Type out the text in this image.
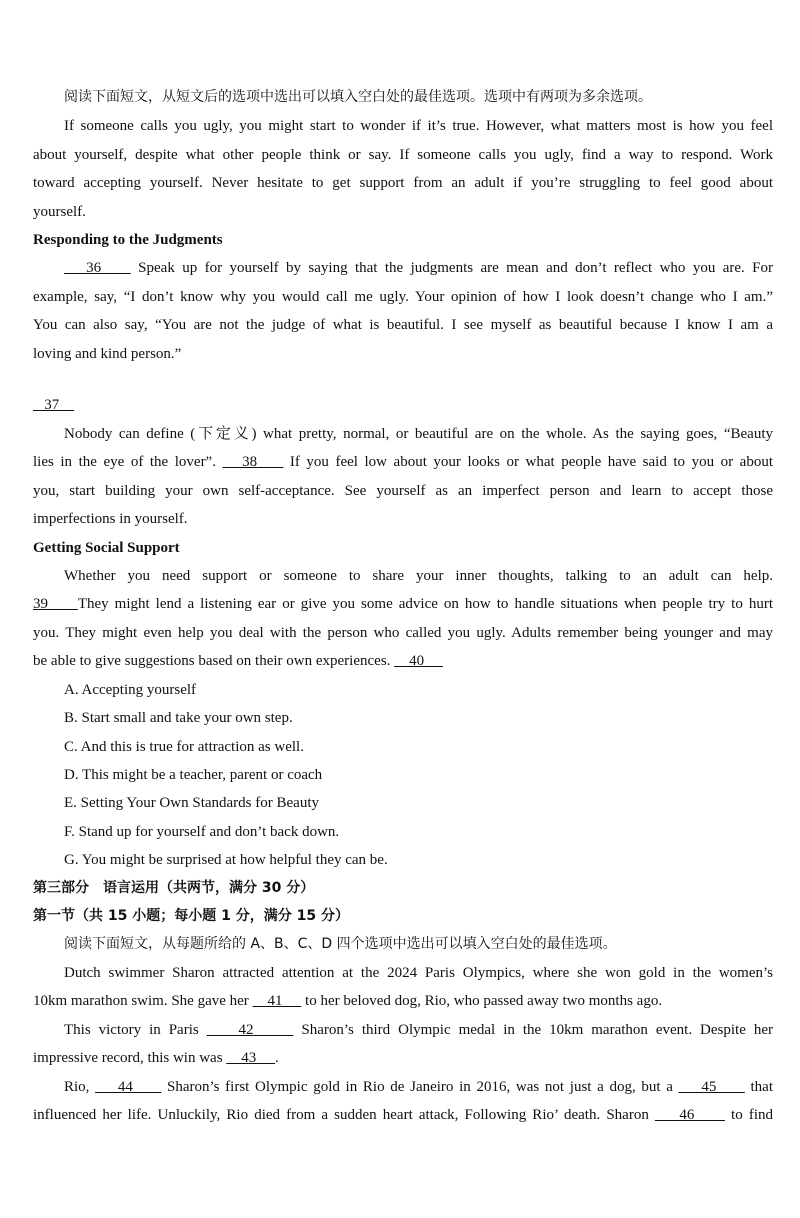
阅读下面短文，从短文后的选项中选出可以填入空白处的最佳选项。选项中有两项为多余选项。
If someone calls you ugly, you might start to wonder if it’s true. However, what matters most is how you feel
about yourself, despite what other people think or say. If someone calls you ugly, find a way to respond. Work
toward accepting yourself. Never hesitate to get support from an adult if you’re struggling to feel good about
yourself.
Responding to the Judgments
36     Speak up for yourself by saying that the judgments are mean and don’t reflect who you are. For
example, say, “I don’t know why you would call me ugly. Your opinion of how I look doesn’t change who I am.”
You can also say, “You are not the judge of what is beautiful. I see myself as beautiful because I know I am a
loving and kind person.”
37
Nobody can define (下定义) what pretty, normal, or beautiful are on the whole. As the saying goes, “Beauty
lies in the eye of the lover”.    38     If you feel low about your looks or what people have said to you or about
you, start building your own self-acceptance. See yourself as an imperfect person and learn to accept those
imperfections in yourself.
Getting Social Support
Whether you need support or someone to share your inner thoughts, talking to an adult can help.
39     They might lend a listening ear or give you some advice on how to handle situations when people try to hurt
you. They might even help you deal with the person who called you ugly. Adults remember being younger and may
be able to give suggestions based on their own experiences.     40
A. Accepting yourself
B. Start small and take your own step.
C. And this is true for attraction as well.
D. This might be a teacher, parent or coach
E. Setting Your Own Standards for Beauty
F. Stand up for yourself and don’t back down.
G. You might be surprised at how helpful they can be.
第三部分　语言运用（共两节，满分 30 分）
第一节（共 15 小题；每小题 1 分，满分 15 分）
阅读下面短文，从每题所给的 A、B、C、D 四个选项中选出可以填入空白处的最佳选项。
Dutch swimmer Sharon attracted attention at the 2024 Paris Olympics, where she won gold in the women’s
10km marathon swim. She gave her     41      to her beloved dog, Rio, who passed away two months ago.
This victory in Paris     42      Sharon’s third Olympic medal in the 10km marathon event. Despite her
impressive record, this win was     43     .
Rio,     44      Sharon’s first Olympic gold in Rio de Janeiro in 2016, was not just a dog, but a     45      that
influenced her life. Unluckily, Rio died from a sudden heart attack, Following Rio’ death. Sharon     46      to find
